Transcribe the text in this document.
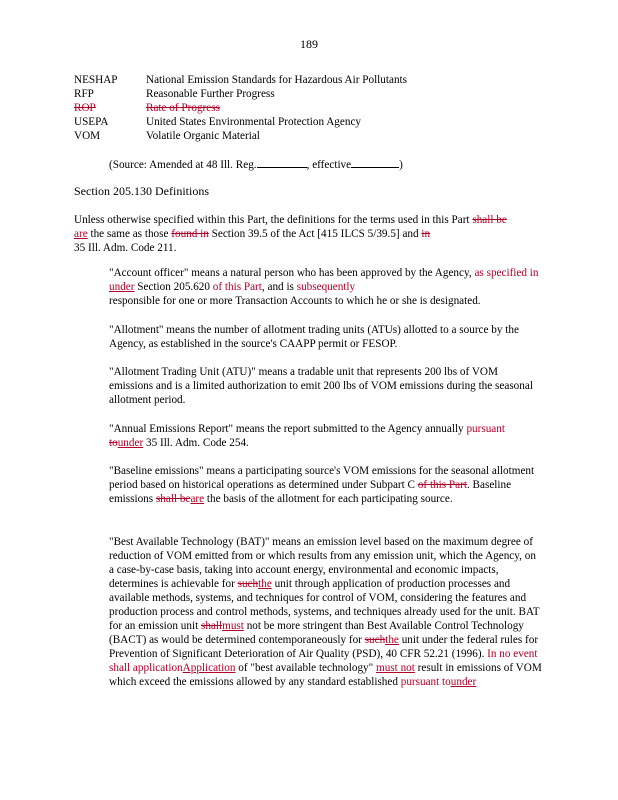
189
NESHAP	National Emission Standards for Hazardous Air Pollutants
RFP	Reasonable Further Progress
ROP	Rate of Progress
USEPA	United States Environmental Protection Agency
VOM	Volatile Organic Material
(Source: Amended at 48 Ill. Reg.	, effective	)
Section 205.130 Definitions
Unless otherwise specified within this Part, the definitions for the terms used in this Part shall be
are the same as those found in Section 39.5 of the Act [415 ILCS 5/39.5] and in
35 Ill. Adm. Code 211.
"Account officer" means a natural person who has been approved by the Agency, as specified in
under Section 205.620 of this Part, and is subsequently
responsible for one or more Transaction Accounts to which he or she is designated.
"Allotment" means the number of allotment trading units (ATUs) allotted to a source by the Agency, as established in the source's CAAPP permit or FESOP.
"Allotment Trading Unit (ATU)" means a tradable unit that represents 200 lbs of VOM emissions and is a limited authorization to emit 200 lbs of VOM emissions during the seasonal allotment period.
"Annual Emissions Report" means the report submitted to the Agency annually pursuant
tounder 35 Ill. Adm. Code 254.
"Baseline emissions" means a participating source's VOM emissions for the seasonal allotment period based on historical operations as determined under Subpart C of this Part. Baseline emissions shall beare the basis of the allotment for each participating source.
"Best Available Technology (BAT)" means an emission level based on the maximum degree of reduction of VOM emitted from or which results from any emission unit, which the Agency, on a case-by-case basis, taking into account energy, environmental and economic impacts, determines is achievable for suchthe unit through application of production processes and available methods, systems, and techniques for control of VOM, considering the features and production process and control methods, systems, and techniques already used for the unit. BAT for an emission unit shallmust not be more stringent than Best Available Control Technology (BACT) as would be determined contemporaneously for suchthe unit under the federal rules for Prevention of Significant Deterioration of Air Quality (PSD), 40 CFR 52.21 (1996). In no event shall applicationApplication of "best available technology" must not result in emissions of VOM which exceed the emissions allowed by any standard established pursuant tounder
